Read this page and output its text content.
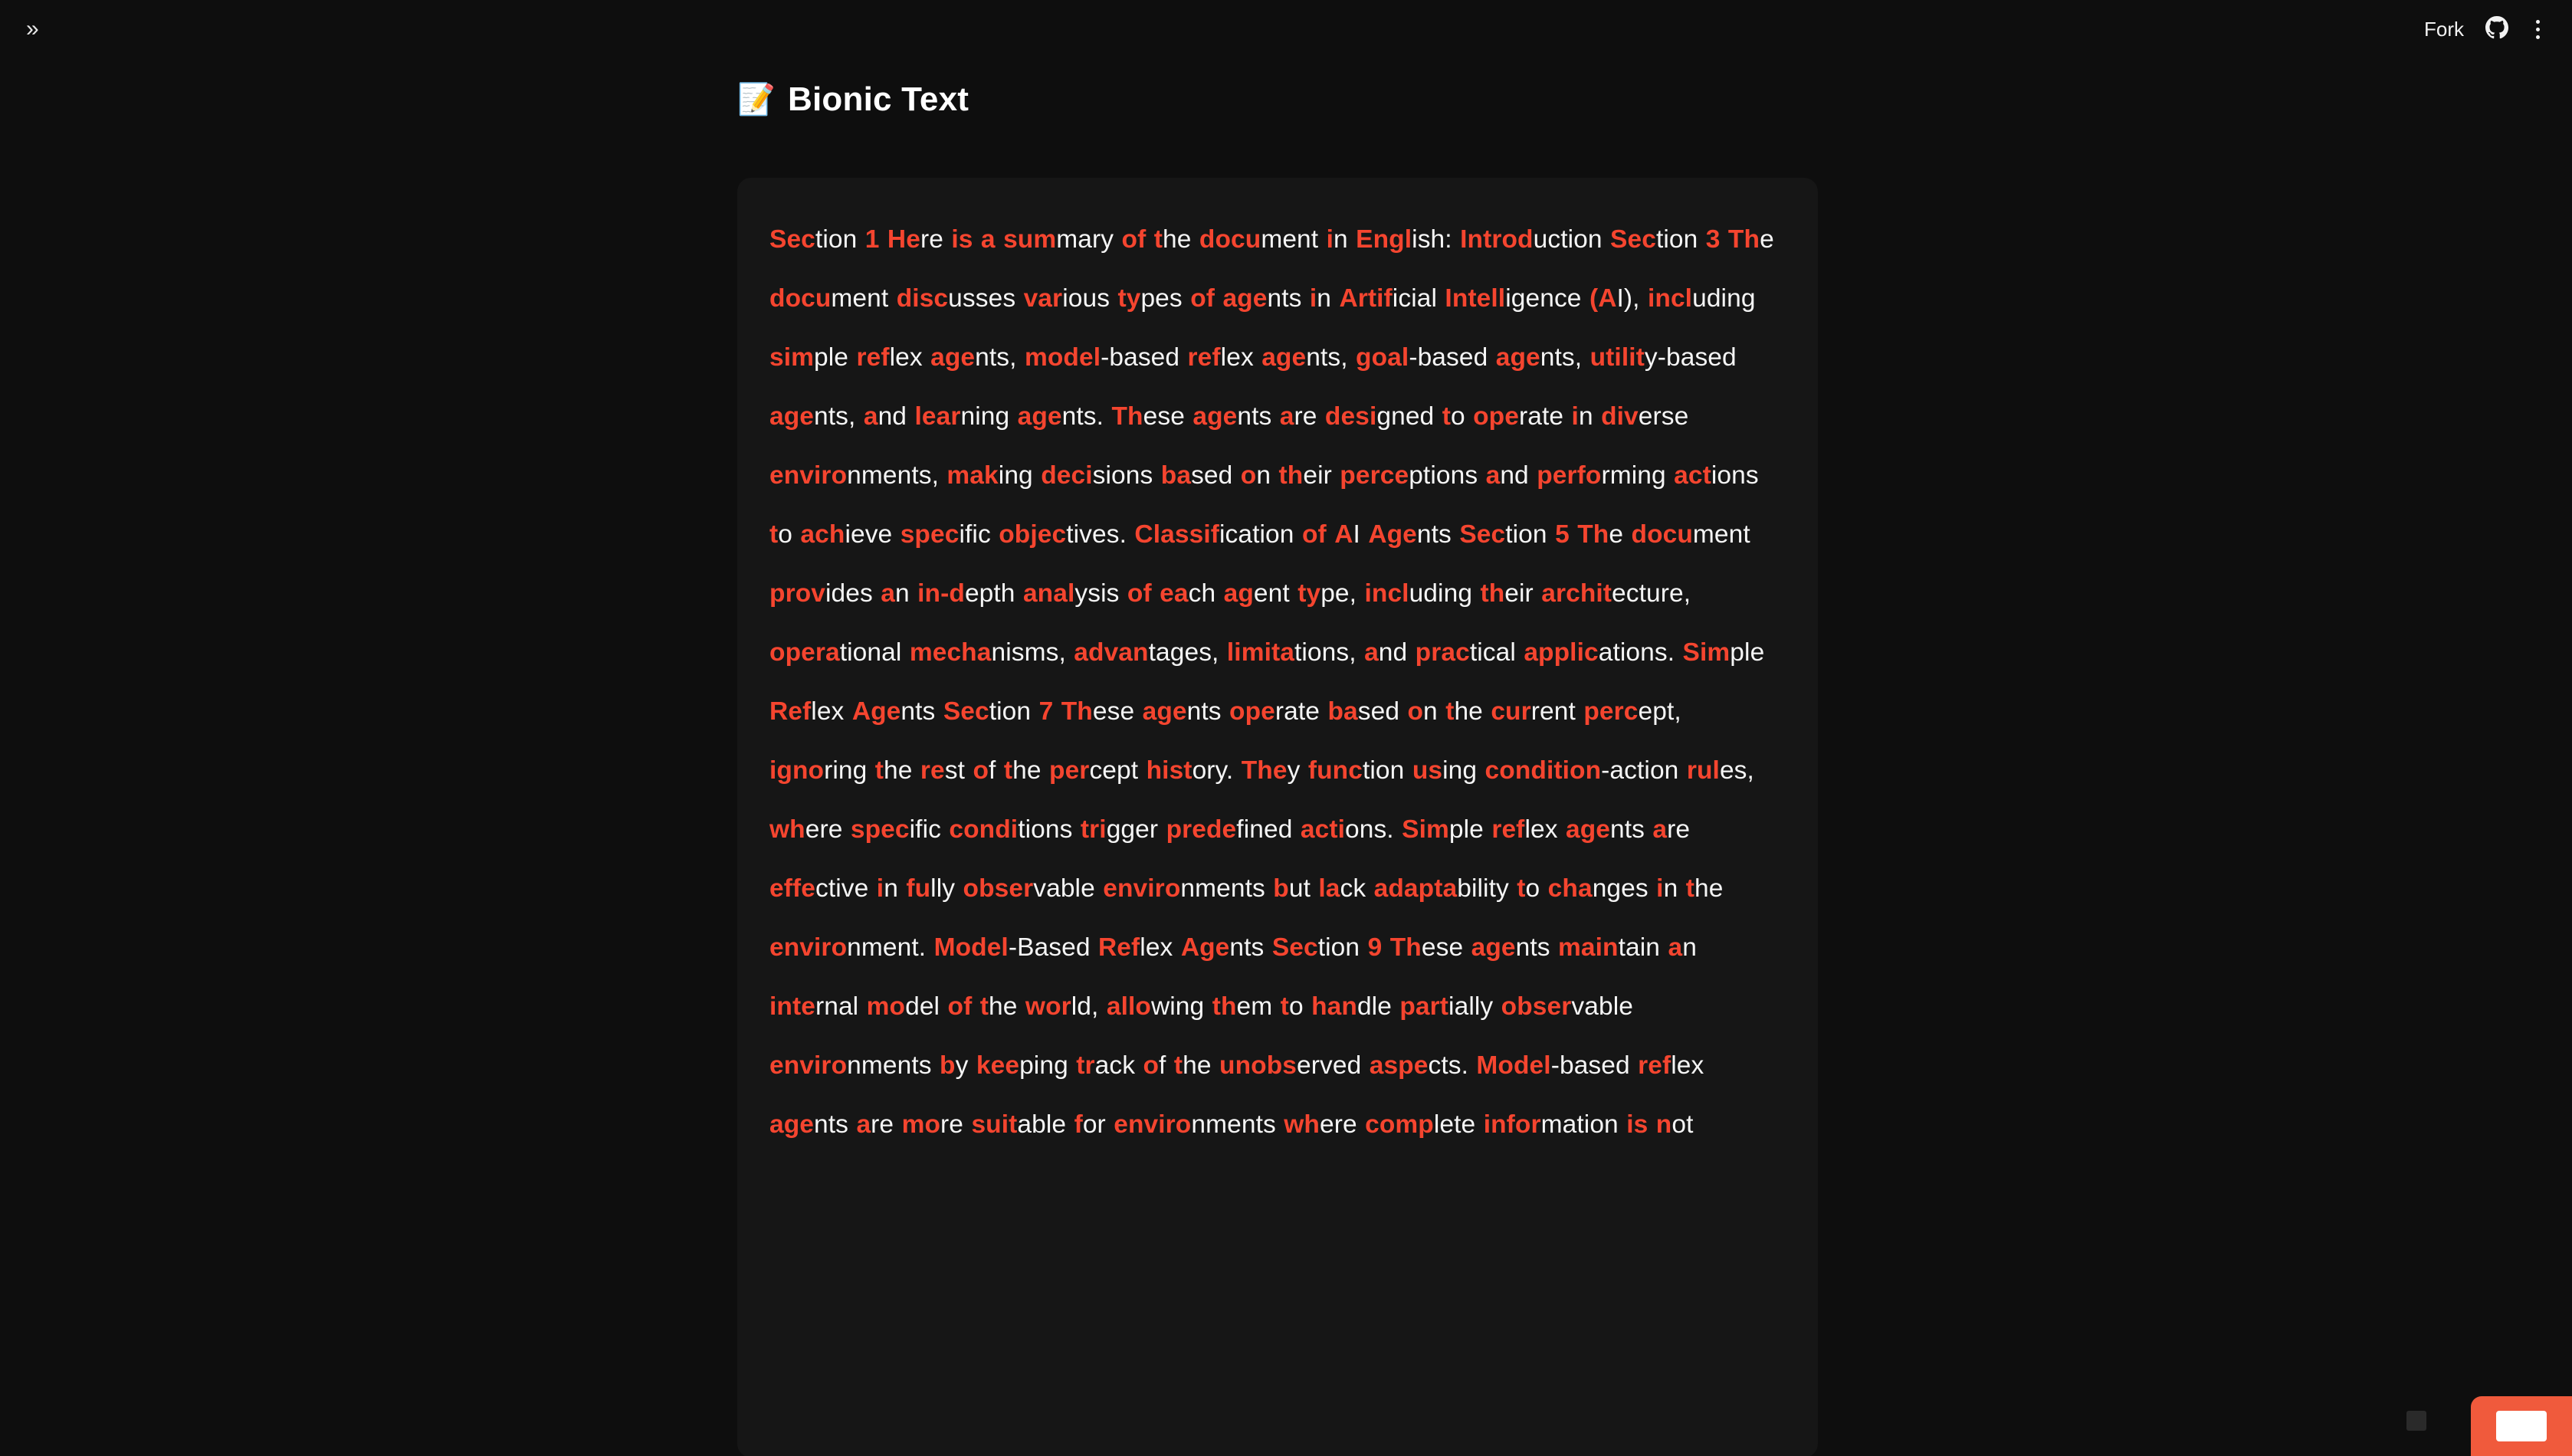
»	Fork
📝 Bionic Text
Section 1 Here is a summary of the document in English: Introduction Section 3 The document discusses various types of agents in Artificial Intelligence (AI), including simple reflex agents, model-based reflex agents, goal-based agents, utility-based agents, and learning agents. These agents are designed to operate in diverse environments, making decisions based on their perceptions and performing actions to achieve specific objectives. Classification of AI Agents Section 5 The document provides an in-depth analysis of each agent type, including their architecture, operational mechanisms, advantages, limitations, and practical applications. Simple Reflex Agents Section 7 These agents operate based on the current percept, ignoring the rest of the percept history. They function using condition-action rules, where specific conditions trigger predefined actions. Simple reflex agents are effective in fully observable environments but lack adaptability to changes in the environment. Model-Based Reflex Agents Section 9 These agents maintain an internal model of the world, allowing them to handle partially observable environments by keeping track of the unobserved aspects. Model-based reflex agents are more suitable for environments where complete information is not
